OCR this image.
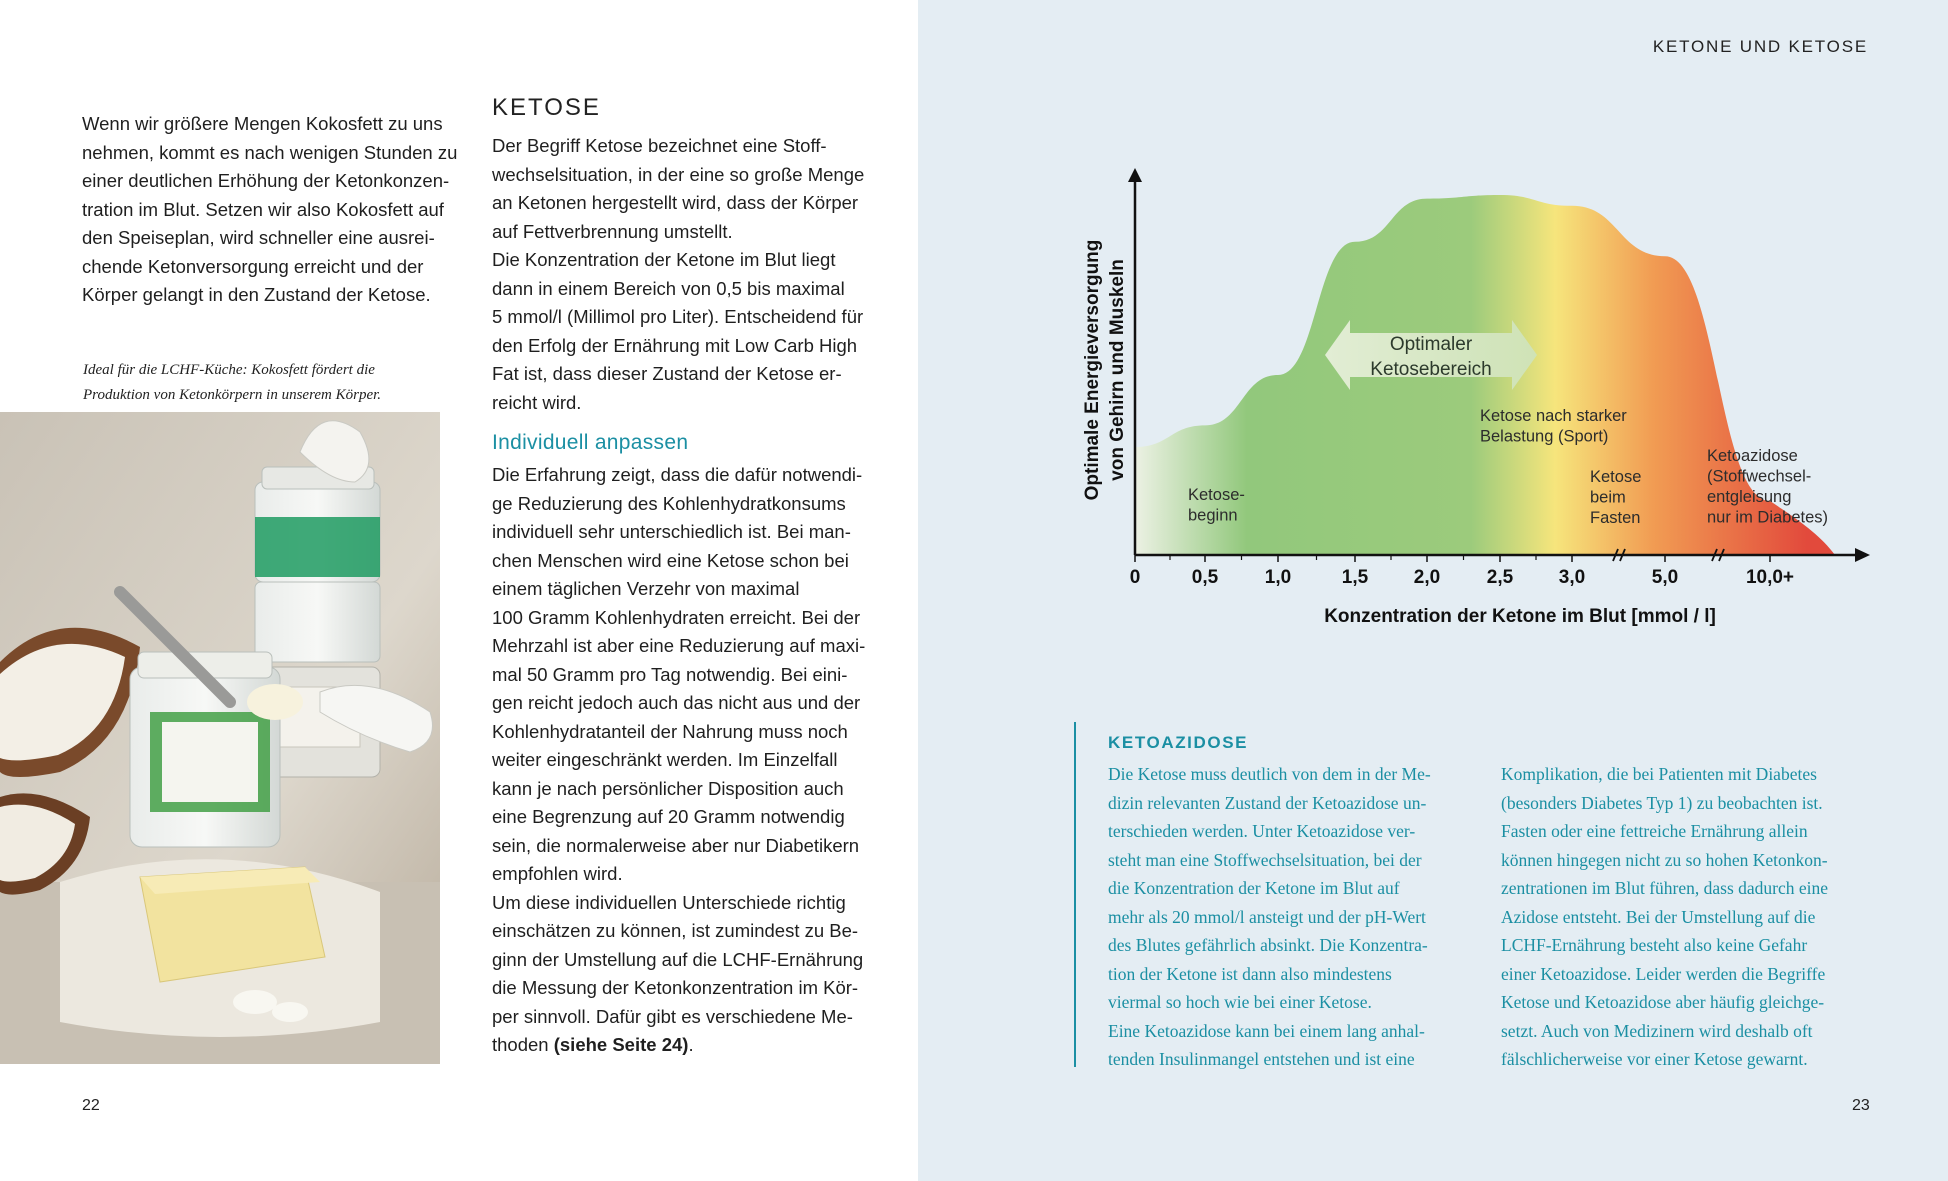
Wenn wir größere Mengen Kokosfett zu uns
nehmen, kommt es nach wenigen Stunden zu
einer deutlichen Erhöhung der Ketonkonzen-
tration im Blut. Setzen wir also Kokosfett auf
den Speiseplan, wird schneller eine ausrei-
chende Ketonversorgung erreicht und der
Körper gelangt in den Zustand der Ketose.

Ideal für die LCHF-Küche: Kokosfett fördert die
Produktion von Ketonkörpern in unserem Körper.

KETOSE

Der Begriff Ketose bezeichnet eine Stoff-
wechselsituation, in der eine so große Menge
an Ketonen hergestellt wird, dass der Körper
auf Fettverbrennung umstellt.
Die Konzentration der Ketone im Blut liegt
dann in einem Bereich von 0,5 bis maximal
5 mmol/l (Millimol pro Liter). Entscheidend für
den Erfolg der Ernährung mit Low Carb High
Fat ist, dass dieser Zustand der Ketose er-
reicht wird.

Individuell anpassen

Die Erfahrung zeigt, dass die dafür notwendi-
ge Reduzierung des Kohlenhydratkonsums
individuell sehr unterschiedlich ist. Bei man-
chen Menschen wird eine Ketose schon bei
einem täglichen Verzehr von maximal
100 Gramm Kohlenhydraten erreicht. Bei der
Mehrzahl ist aber eine Reduzierung auf maxi-
mal 50 Gramm pro Tag notwendig. Bei eini-
gen reicht jedoch auch das nicht aus und der
Kohlenhydratanteil der Nahrung muss noch
weiter eingeschränkt werden. Im Einzelfall
kann je nach persönlicher Disposition auch
eine Begrenzung auf 20 Gramm notwendig
sein, die normalerweise aber nur Diabetikern
empfohlen wird.
Um diese individuellen Unterschiede richtig
einschätzen zu können, ist zumindest zu Be-
ginn der Umstellung auf die LCHF-Ernährung
die Messung der Ketonkonzentration im Kör-
per sinnvoll. Dafür gibt es verschiedene Me-
thoden (siehe Seite 24).

22
KETONE UND KETOSE
23
Optimaler
Ketosebereich
0	0,5 1,0	1,5 2,0 2,5 3,0	5,0	10,0+
Konzentration der Ketone im Blut [mmol / l]
Optimale Energieversorgung von Gehirn und Muskeln
Ketose-
beginn
Ketose nach starker
Belastung (Sport)
Ketose
beim
Fasten
Ketoazidose
(Stoffwechsel-
entgleisung
nur im Diabetes)
KETOAZIDOSE

Die Ketose muss deutlich von dem in der Me-
dizin relevanten Zustand der Ketoazidose un-
terschieden werden. Unter Ketoazidose ver-
steht man eine Stoffwechselsituation, bei der
die Konzentration der Ketone im Blut auf
mehr als 20 mmol/l ansteigt und der pH-Wert
des Blutes gefährlich absinkt. Die Konzentra-
tion der Ketone ist dann also mindestens
viermal so hoch wie bei einer Ketose.
Eine Ketoazidose kann bei einem lang anhal-
tenden Insulinmangel entstehen und ist eine

Komplikation, die bei Patienten mit Diabetes
(besonders Diabetes Typ 1) zu beobachten ist.
Fasten oder eine fettreiche Ernährung allein
können hingegen nicht zu so hohen Ketonkon-
zentrationen im Blut führen, dass dadurch eine
Azidose entsteht. Bei der Umstellung auf die
LCHF-Ernährung besteht also keine Gefahr
einer Ketoazidose. Leider werden die Begriffe
Ketose und Ketoazidose aber häufig gleichge-
setzt. Auch von Medizinern wird deshalb oft
fälschlicherweise vor einer Ketose gewarnt.
